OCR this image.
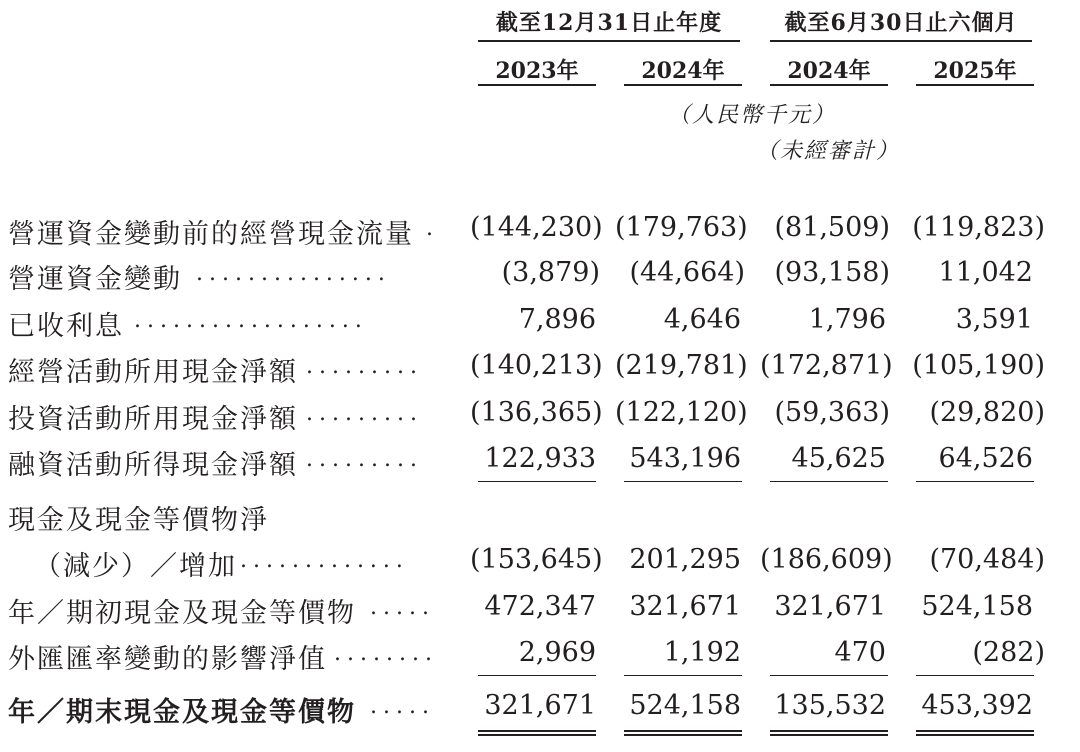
截至12月31日止年度	截至6月30日止六個月
2023年	2024年	2024年	2025年
（人民幣千元）
（未經審計）
營運資金變動前的經營現金流量 . (144,230) (179,763) (81,509) (119,823)
營運資金變動 ...............	(3,879)	(44,664)	(93,158)	11,042
已收利息 ..................	7,896	4,646	1,796	3,591
經營活動所用現金淨額 ......... (140,213) (219,781) (172,871) (105,190)
投資活動所用現金淨額 ......... (136,365) (122,120) (59,363)	(29,820)
融資活動所得現金淨額 .........	122,933	543,196	45,625	64,526
現金及現金等價物淨
（減少）／增加 ............. (153,645) 201,295 (186,609)	(70,484)
年／期初現金及現金等價物 .....	472,347	321,671	321,671	524,158
外匯匯率變動的影響淨值 ........	2,969	1,192	470	(282)
年／期末現金及現金等價物 .....	321,671	524,158	135,532	453,392
